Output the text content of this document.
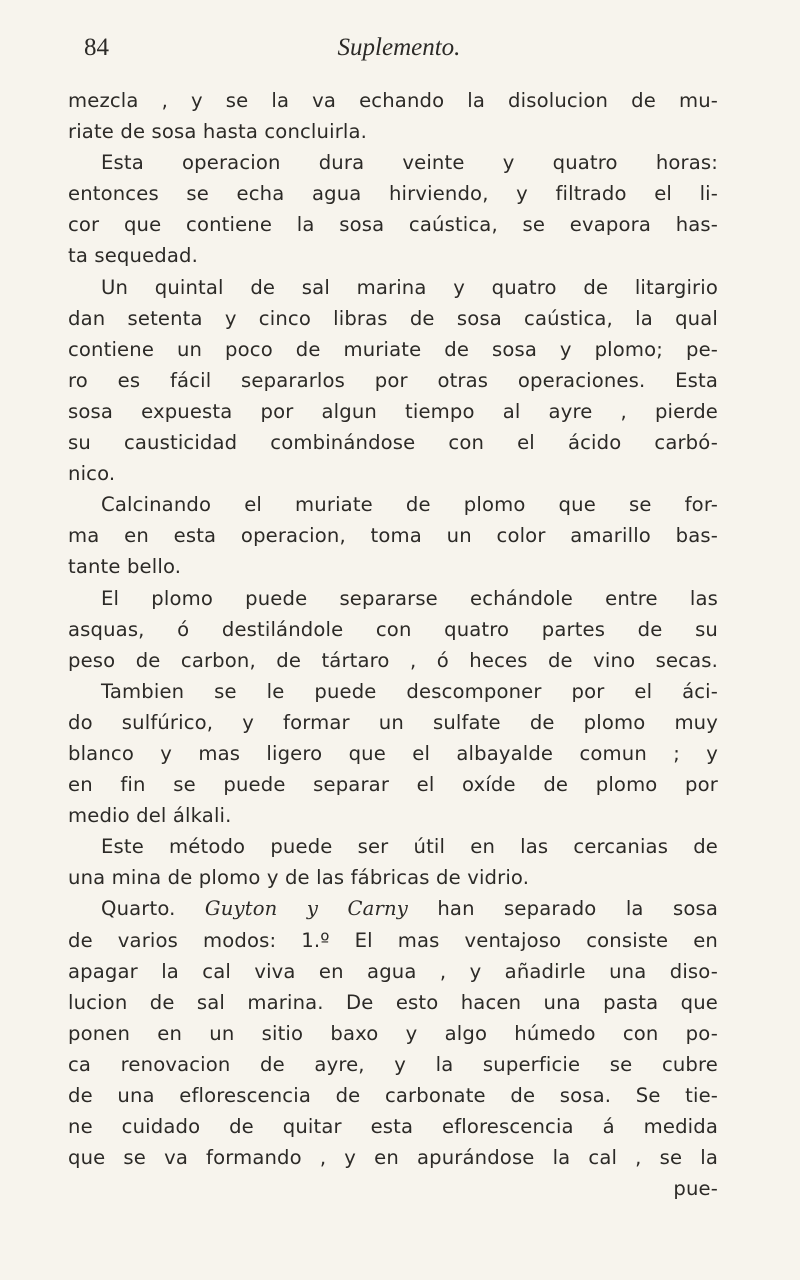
84	Suplemento.
mezcla , y se la va echando la disolucion de mu-
riate de sosa hasta concluirla.
Esta operacion dura veinte y quatro horas:
entonces se echa agua hirviendo, y filtrado el li-
cor que contiene la sosa caústica, se evapora has-
ta sequedad.
Un quintal de sal marina y quatro de litargirio
dan setenta y cinco libras de sosa caústica, la qual
contiene un poco de muriate de sosa y plomo; pe-
ro es fácil separarlos por otras operaciones. Esta
sosa expuesta por algun tiempo al ayre , pierde
su causticidad combinándose con el ácido carbó-
nico.
Calcinando el muriate de plomo que se for-
ma en esta operacion, toma un color amarillo bas-
tante bello.
El plomo puede separarse echándole entre las
asquas, ó destilándole con quatro partes de su
peso de carbon, de tártaro , ó heces de vino secas.
Tambien se le puede descomponer por el áci-
do sulfúrico, y formar un sulfate de plomo muy
blanco y mas ligero que el albayalde comun ; y
en fin se puede separar el oxíde de plomo por
medio del álkali.
Este método puede ser útil en las cercanias de
una mina de plomo y de las fábricas de vidrio.
Quarto. Guyton y Carny han separado la sosa
de varios modos: 1.º El mas ventajoso consiste en
apagar la cal viva en agua , y añadirle una diso-
lucion de sal marina. De esto hacen una pasta que
ponen en un sitio baxo y algo húmedo con po-
ca renovacion de ayre, y la superficie se cubre
de una eflorescencia de carbonate de sosa. Se tie-
ne cuidado de quitar esta eflorescencia á medida
que se va formando , y en apurándose la cal , se la
pue-
